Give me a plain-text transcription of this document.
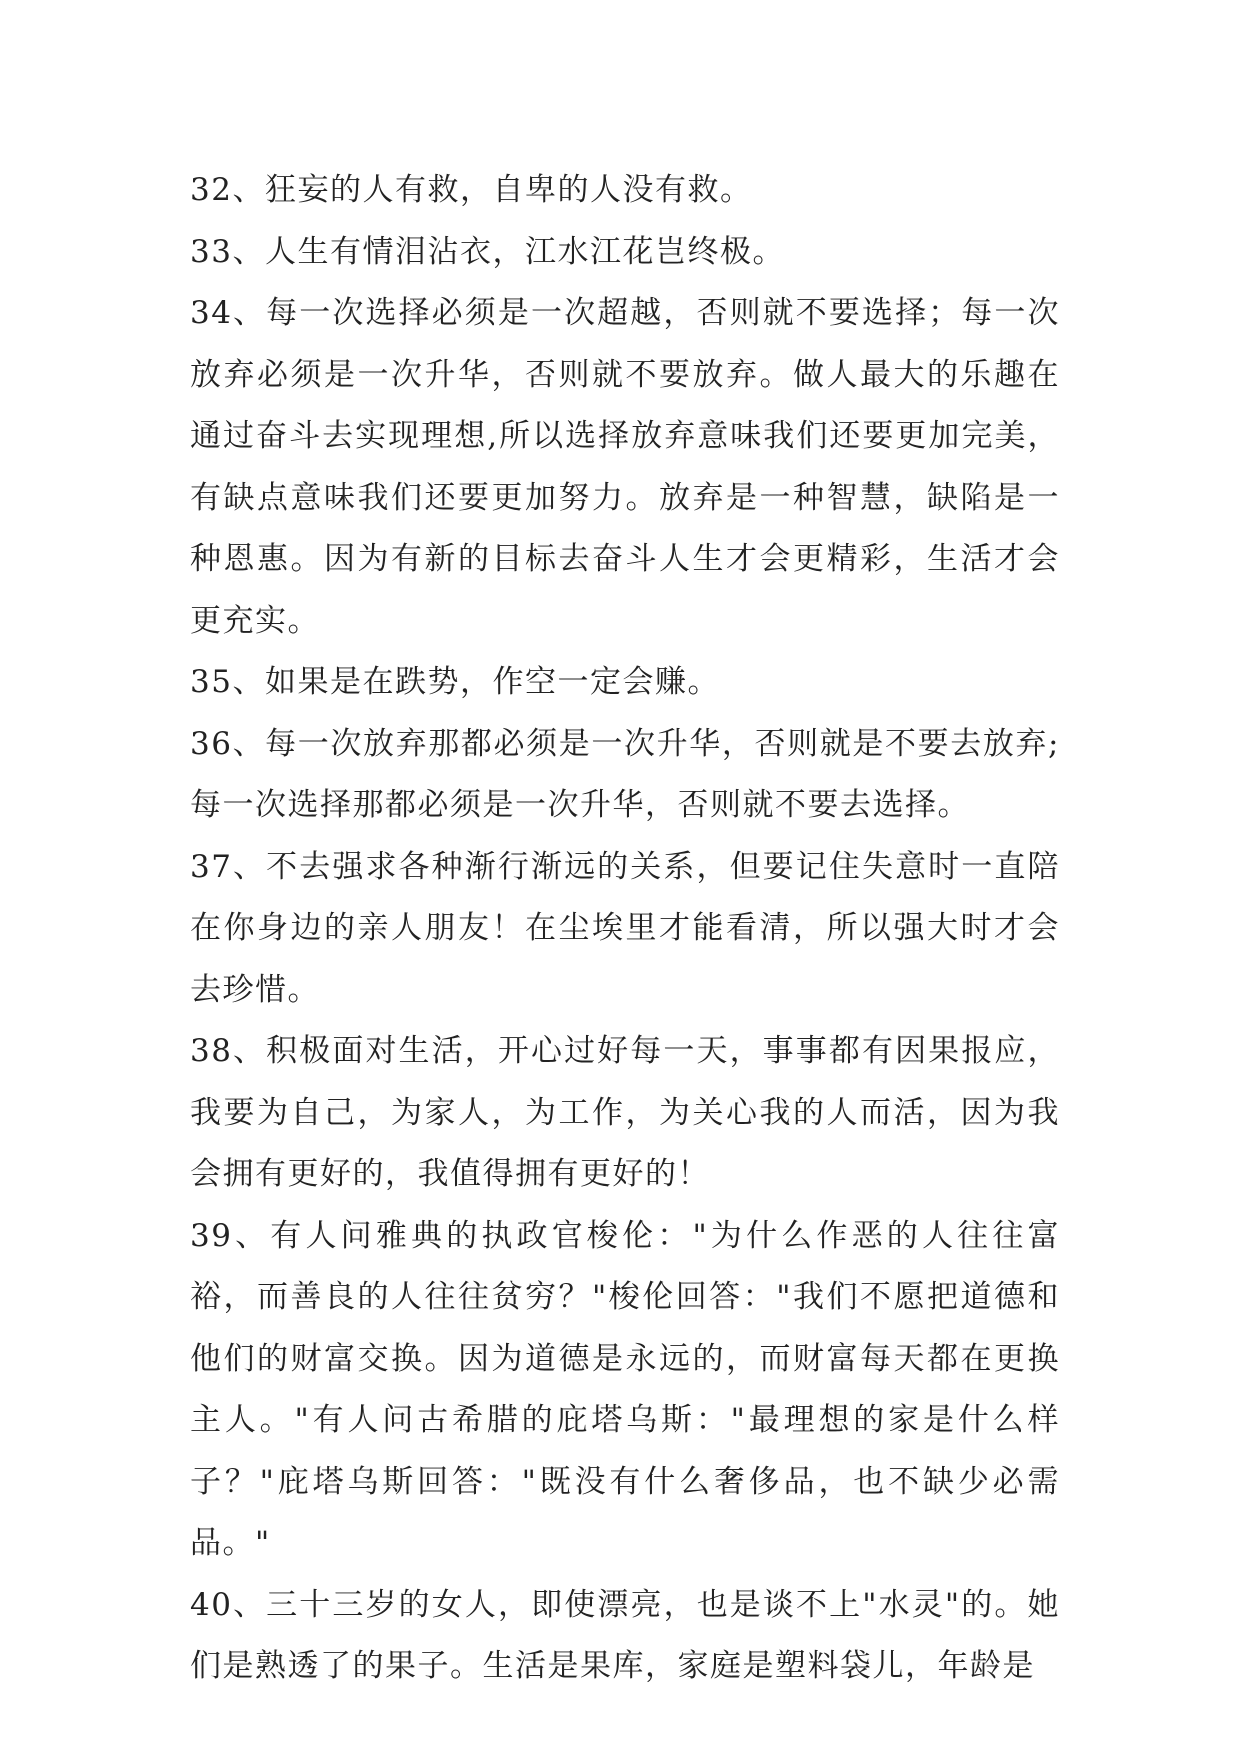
32、狂妄的人有救，自卑的人没有救。

33、人生有情泪沾衣，江水江花岂终极。

34、每一次选择必须是一次超越，否则就不要选择；每一次放弃必须是一次升华，否则就不要放弃。做人最大的乐趣在通过奋斗去实现理想,所以选择放弃意味我们还要更加完美，有缺点意味我们还要更加努力。放弃是一种智慧，缺陷是一种恩惠。因为有新的目标去奋斗人生才会更精彩，生活才会更充实。

35、如果是在跌势，作空一定会赚。

36、每一次放弃那都必须是一次升华，否则就是不要去放弃;每一次选择那都必须是一次升华，否则就不要去选择。

37、不去强求各种渐行渐远的关系，但要记住失意时一直陪在你身边的亲人朋友！在尘埃里才能看清，所以强大时才会去珍惜。

38、积极面对生活，开心过好每一天，事事都有因果报应，我要为自己，为家人，为工作，为关心我的人而活，因为我会拥有更好的，我值得拥有更好的！

39、有人问雅典的执政官梭伦："为什么作恶的人往往富裕，而善良的人往往贫穷？"梭伦回答："我们不愿把道德和他们的财富交换。因为道德是永远的，而财富每天都在更换主人。"有人问古希腊的庇塔乌斯："最理想的家是什么样子？"庇塔乌斯回答："既没有什么奢侈品，也不缺少必需品。"

40、三十三岁的女人，即使漂亮，也是谈不上"水灵"的。她们是熟透了的果子。生活是果库，家庭是塑料袋儿，年龄是
